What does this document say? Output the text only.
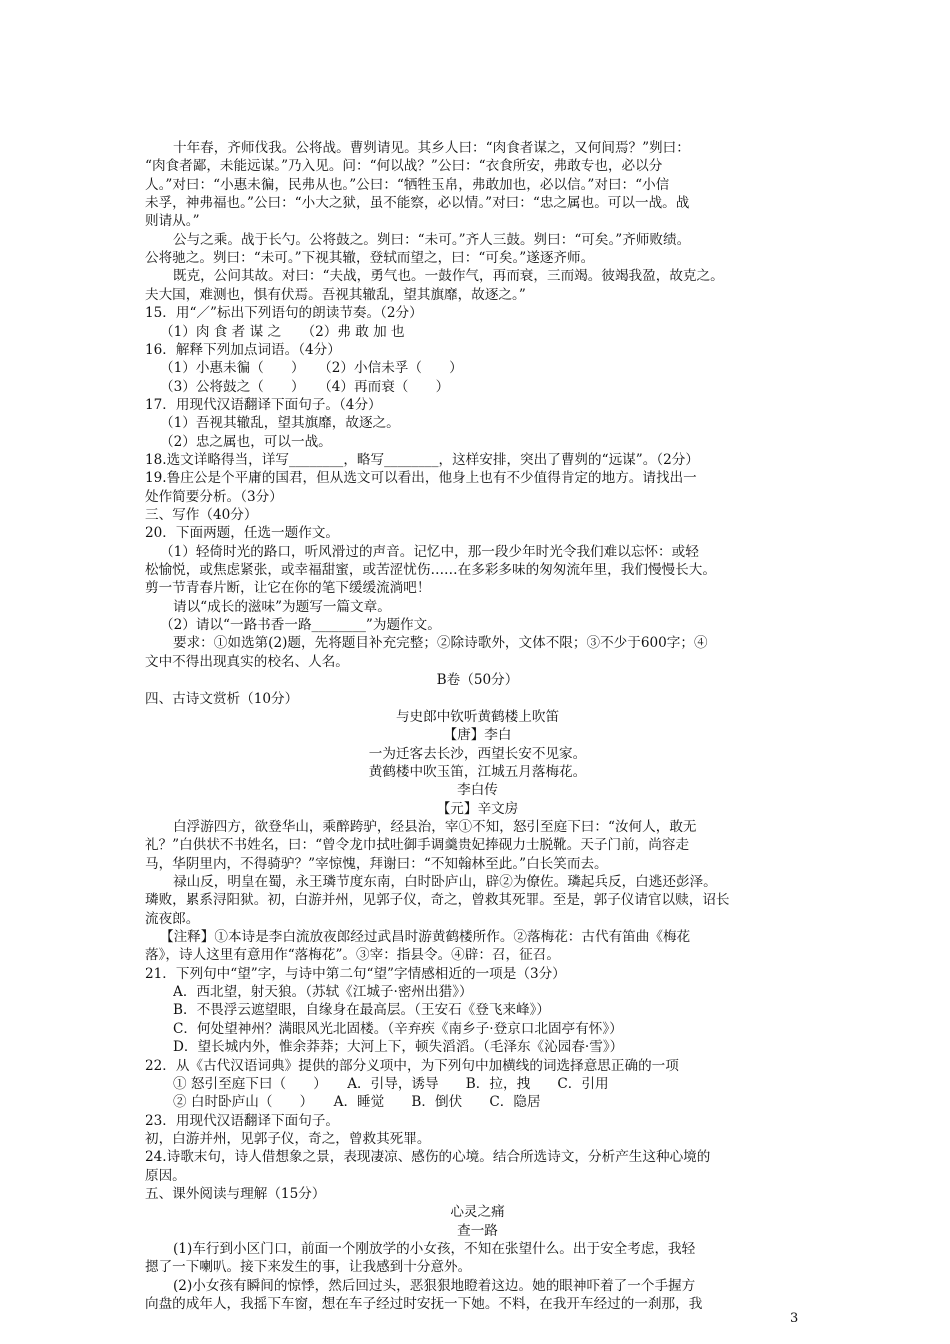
十年春，齐师伐我。公将战。曹刿请见。其乡人曰：“肉食者谋之，又何间焉？”刿曰：
“肉食者鄙，未能远谋。”乃入见。问：“何以战？”公曰：“衣食所安，弗敢专也，必以分
人。”对曰：“小惠未徧，民弗从也。”公曰：“牺牲玉帛，弗敢加也，必以信。”对曰：“小信
未孚，神弗福也。”公曰：“小大之狱，虽不能察，必以情。”对曰：“忠之属也。可以一战。战
则请从。”
公与之乘。战于长勺。公将鼓之。刿曰：“未可。”齐人三鼓。刿曰：“可矣。”齐师败绩。
公将驰之。刿曰：“未可。”下视其辙，登轼而望之，曰：“可矣。”遂逐齐师。
既克，公问其故。对曰：“夫战，勇气也。一鼓作气，再而衰，三而竭。彼竭我盈，故克之。
夫大国，难测也，惧有伏焉。吾视其辙乱，望其旗靡，故逐之。”
15．用“／”标出下列语句的朗读节奏。（2分）
（1）肉 食 者 谋 之　　（2）弗 敢 加 也
16．解释下列加点词语。（4分）
（1）小惠未徧（　　）　　（2）小信未孚（　　）
（3）公将鼓之（　　）　　（4）再而衰（　　）
17．用现代汉语翻译下面句子。（4分）
（1）吾视其辙乱，望其旗靡，故逐之。
（2）忠之属也，可以一战。
18.选文详略得当，详写________，略写________，这样安排，突出了曹刿的“远谋”。（2分）
19.鲁庄公是个平庸的国君，但从选文可以看出，他身上也有不少值得肯定的地方。请找出一
处作简要分析。（3分）
三、写作（40分）
20．下面两题，任选一题作文。
（1）轻倚时光的路口，听风滑过的声音。记忆中，那一段少年时光令我们难以忘怀：或轻
松愉悦，或焦虑紧张，或幸福甜蜜，或苦涩忧伤……在多彩多味的匆匆流年里，我们慢慢长大。
剪一节青春片断，让它在你的笔下缓缓流淌吧！
请以“成长的滋味”为题写一篇文章。
（2）请以“一路书香一路________”为题作文。
要求：①如选第(2)题，先将题目补充完整；②除诗歌外，文体不限；③不少于600字；④
文中不得出现真实的校名、人名。
B卷（50分）
四、古诗文赏析（10分）
与史郎中钦听黄鹤楼上吹笛
【唐】李白
一为迁客去长沙，西望长安不见家。
黄鹤楼中吹玉笛，江城五月落梅花。
李白传
【元】辛文房
白浮游四方，欲登华山，乘醉跨驴，经县治，宰①不知，怒引至庭下曰：“汝何人，敢无
礼？”白供状不书姓名，曰：“曾令龙巾拭吐御手调羹贵妃捧砚力士脱靴。天子门前，尚容走
马，华阴里内，不得骑驴？”宰惊愧，拜谢曰：“不知翰林至此。”白长笑而去。
禄山反，明皇在蜀，永王璘节度东南，白时卧庐山，辟②为僚佐。璘起兵反，白逃还彭泽。
璘败，累系浔阳狱。初，白游并州，见郭子仪，奇之，曾救其死罪。至是，郭子仪请官以赎，诏长
流夜郎。
【注释】①本诗是李白流放夜郎经过武昌时游黄鹤楼所作。②落梅花：古代有笛曲《梅花
落》，诗人这里有意用作“落梅花”。③宰：指县令。④辟：召，征召。
21．下列句中“望”字，与诗中第二句“望”字情感相近的一项是（3分）
A．西北望，射天狼。（苏轼《江城子·密州出猎》）
B．不畏浮云遮望眼，自缘身在最高层。（王安石《登飞来峰》）
C．何处望神州？满眼风光北固楼。（辛弃疾《南乡子·登京口北固亭有怀》）
D．望长城内外，惟余莽莽；大河上下，顿失滔滔。（毛泽东《沁园春·雪》）
22．从《古代汉语词典》提供的部分义项中，为下列句中加横线的词选择意思正确的一项
① 怒引至庭下曰（　　）　　A．引导，诱导　　B．拉，拽　　C．引用
② 白时卧庐山（　　）　　A．睡觉　　B．倒伏　　C．隐居
23．用现代汉语翻译下面句子。
初，白游并州，见郭子仪，奇之，曾救其死罪。
24.诗歌末句，诗人借想象之景，表现凄凉、感伤的心境。结合所选诗文，分析产生这种心境的
原因。
五、课外阅读与理解（15分）
3
心灵之痛
查一路
(1)车行到小区门口，前面一个刚放学的小女孩，不知在张望什么。出于安全考虑，我轻
摁了一下喇叭。接下来发生的事，让我感到十分意外。
(2)小女孩有瞬间的惊悸，然后回过头，恶狠狠地瞪着这边。她的眼神吓着了一个手握方
向盘的成年人，我摇下车窗，想在车子经过时安抚一下她。不料，在我开车经过的一刹那，我
